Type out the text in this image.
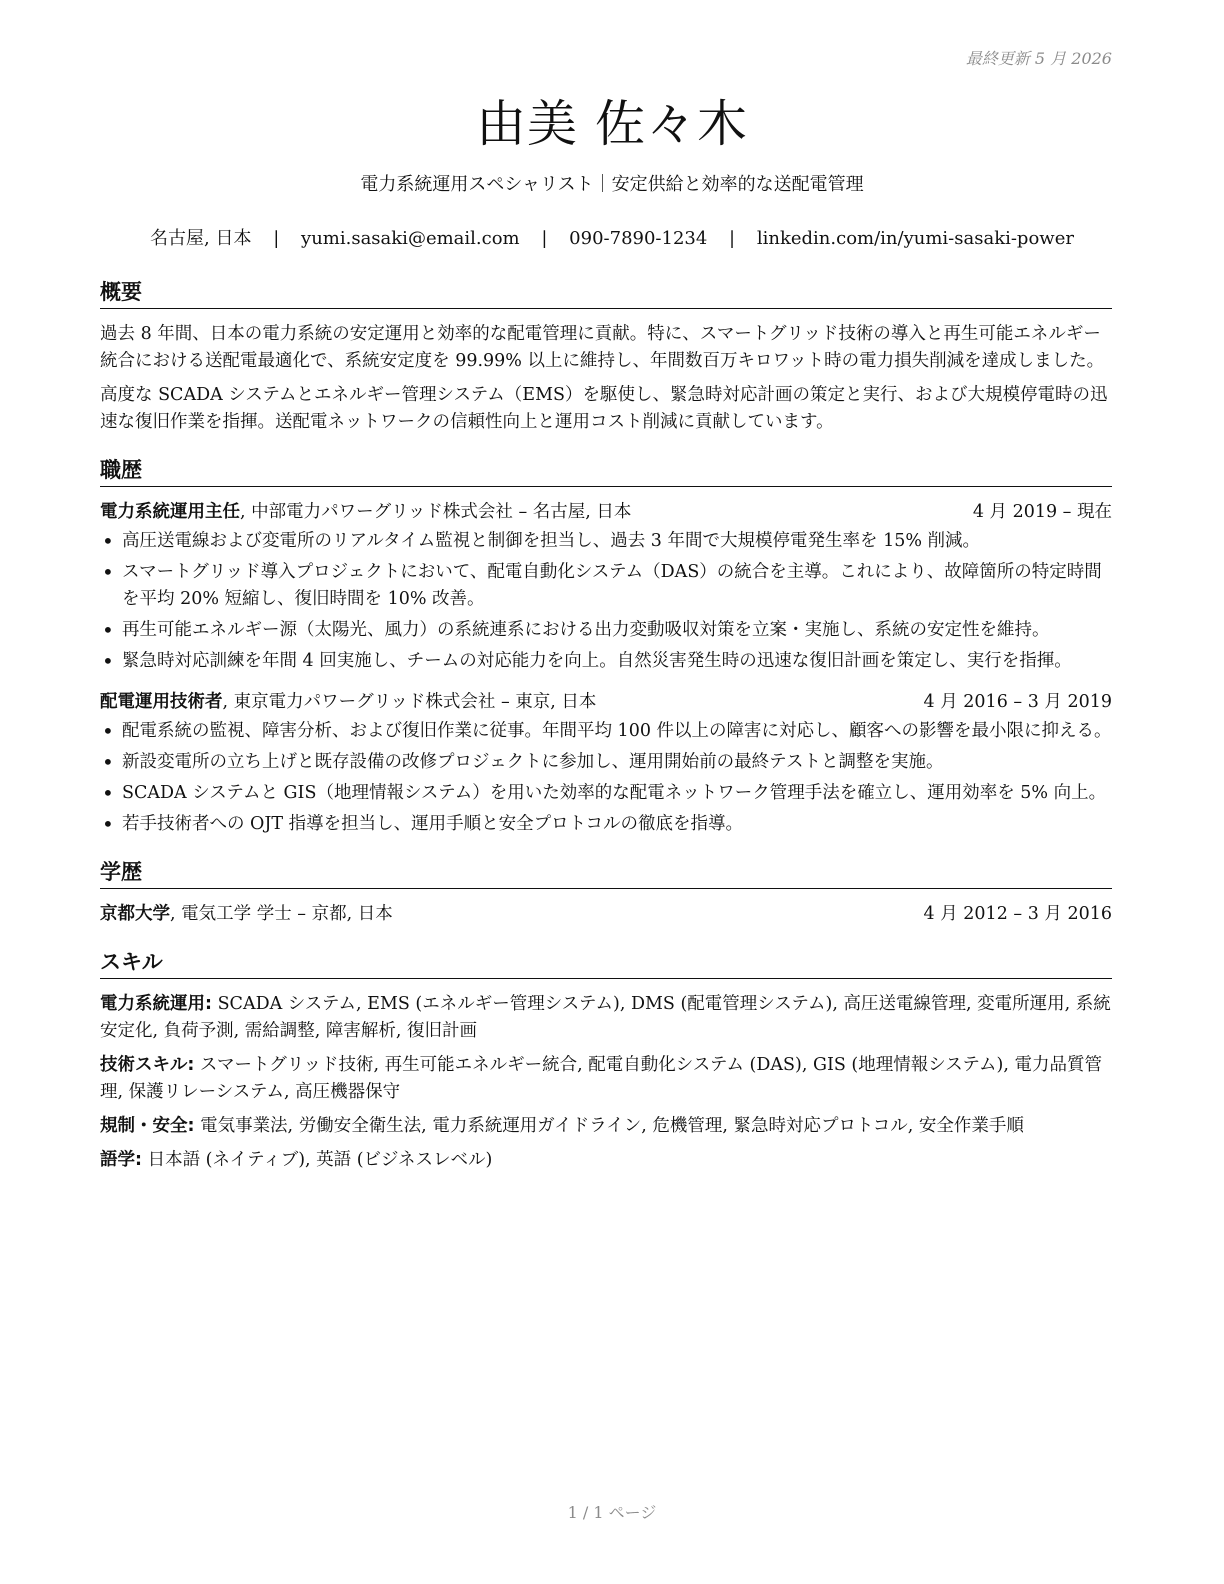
最終更新 5 月 2026
由美 佐々木
電力系統運用スペシャリスト｜安定供給と効率的な送配電管理
名古屋, 日本 | yumi.sasaki@email.com | 090-7890-1234 | linkedin.com/in/yumi-sasaki-power
概要

過去 8 年間、日本の電力系統の安定運用と効率的な配電管理に貢献。特に、スマートグリッド技術の導入と再生可能エネルギー統合における送配電最適化で、系統安定度を 99.99% 以上に維持し、年間数百万キロワット時の電力損失削減を達成しました。

高度な SCADA システムとエネルギー管理システム（EMS）を駆使し、緊急時対応計画の策定と実行、および大規模停電時の迅速な復旧作業を指揮。送配電ネットワークの信頼性向上と運用コスト削減に貢献しています。

職歴
電力系統運用主任, 中部電力パワーグリッド株式会社 – 名古屋, 日本	4 月 2019 – 現在
• 高圧送電線および変電所のリアルタイム監視と制御を担当し、過去 3 年間で大規模停電発生率を 15% 削減。
• スマートグリッド導入プロジェクトにおいて、配電自動化システム（DAS）の統合を主導。これにより、故障箇所の特定時間を平均 20% 短縮し、復旧時間を 10% 改善。
• 再生可能エネルギー源（太陽光、風力）の系統連系における出力変動吸収対策を立案・実施し、系統の安定性を維持。
• 緊急時対応訓練を年間 4 回実施し、チームの対応能力を向上。自然災害発生時の迅速な復旧計画を策定し、実行を指揮。
配電運用技術者, 東京電力パワーグリッド株式会社 – 東京, 日本	4 月 2016 – 3 月 2019
• 配電系統の監視、障害分析、および復旧作業に従事。年間平均 100 件以上の障害に対応し、顧客への影響を最小限に抑える。
• 新設変電所の立ち上げと既存設備の改修プロジェクトに参加し、運用開始前の最終テストと調整を実施。
• SCADA システムと GIS（地理情報システム）を用いた効率的な配電ネットワーク管理手法を確立し、運用効率を 5% 向上。
• 若手技術者への OJT 指導を担当し、運用手順と安全プロトコルの徹底を指導。
学歴
京都大学, 電気工学 学士 – 京都, 日本	4 月 2012 – 3 月 2016
スキル
電力系統運用: SCADA システム, EMS (エネルギー管理システム), DMS (配電管理システム), 高圧送電線管理, 変電所運用, 系統安定化, 負荷予測, 需給調整, 障害解析, 復旧計画
技術スキル: スマートグリッド技術, 再生可能エネルギー統合, 配電自動化システム (DAS), GIS (地理情報システム), 電力品質管理, 保護リレーシステム, 高圧機器保守
規制・安全: 電気事業法, 労働安全衛生法, 電力系統運用ガイドライン, 危機管理, 緊急時対応プロトコル, 安全作業手順
語学: 日本語 (ネイティブ), 英語 (ビジネスレベル)
1 / 1 ページ
